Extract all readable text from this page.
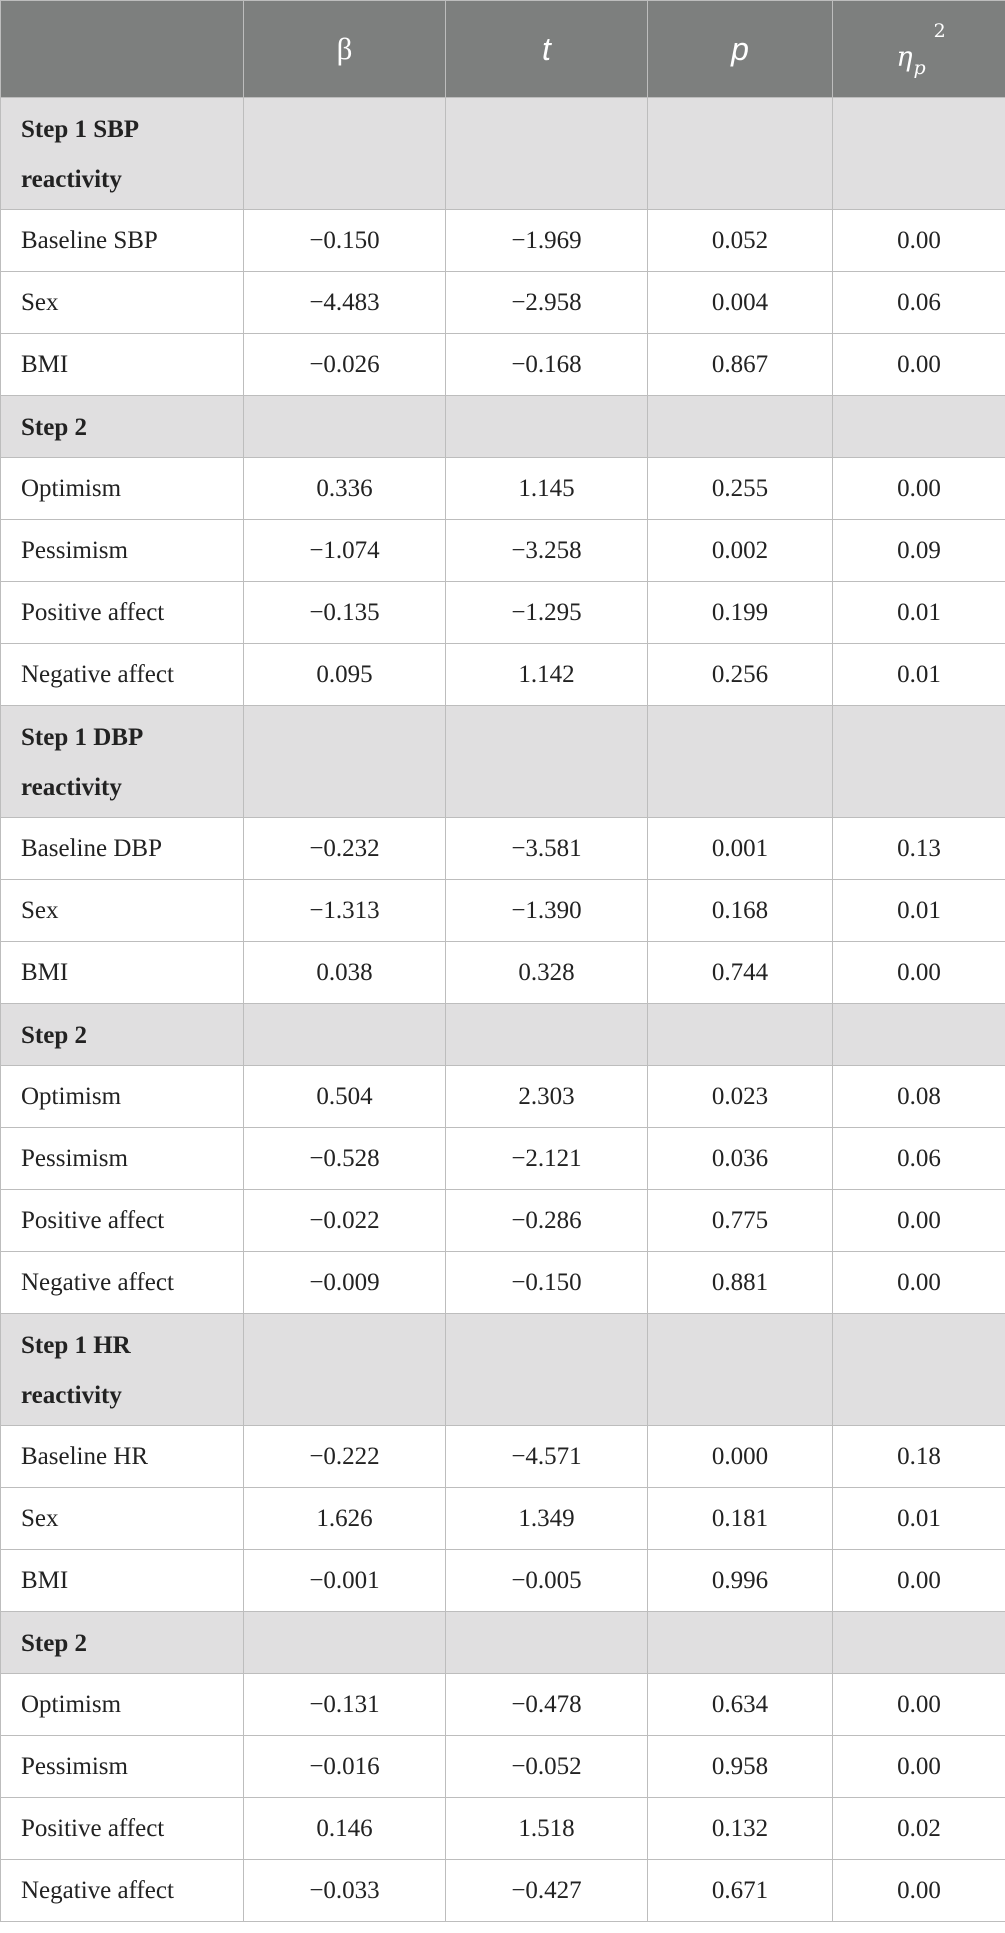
	β	t	p	$\eta_p$
2

Step 1 SBP reactivity				
Baseline SBP	−0.150	−1.969	0.052	0.00
Sex	−4.483	−2.958	0.004	0.06
BMI	−0.026	−0.168	0.867	0.00
Step 2				
Optimism	0.336	1.145	0.255	0.00
Pessimism	−1.074	−3.258	0.002	0.09
Positive affect	−0.135	−1.295	0.199	0.01
Negative affect	0.095	1.142	0.256	0.01
Step 1 DBP reactivity				
Baseline DBP	−0.232	−3.581	0.001	0.13
Sex	−1.313	−1.390	0.168	0.01
BMI	0.038	0.328	0.744	0.00
Step 2				
Optimism	0.504	2.303	0.023	0.08
Pessimism	−0.528	−2.121	0.036	0.06
Positive affect	−0.022	−0.286	0.775	0.00
Negative affect	−0.009	−0.150	0.881	0.00
Step 1 HR reactivity				
Baseline HR	−0.222	−4.571	0.000	0.18
Sex	1.626	1.349	0.181	0.01
BMI	−0.001	−0.005	0.996	0.00
Step 2				
Optimism	−0.131	−0.478	0.634	0.00
Pessimism	−0.016	−0.052	0.958	0.00
Positive affect	0.146	1.518	0.132	0.02
Negative affect	−0.033	−0.427	0.671	0.00
